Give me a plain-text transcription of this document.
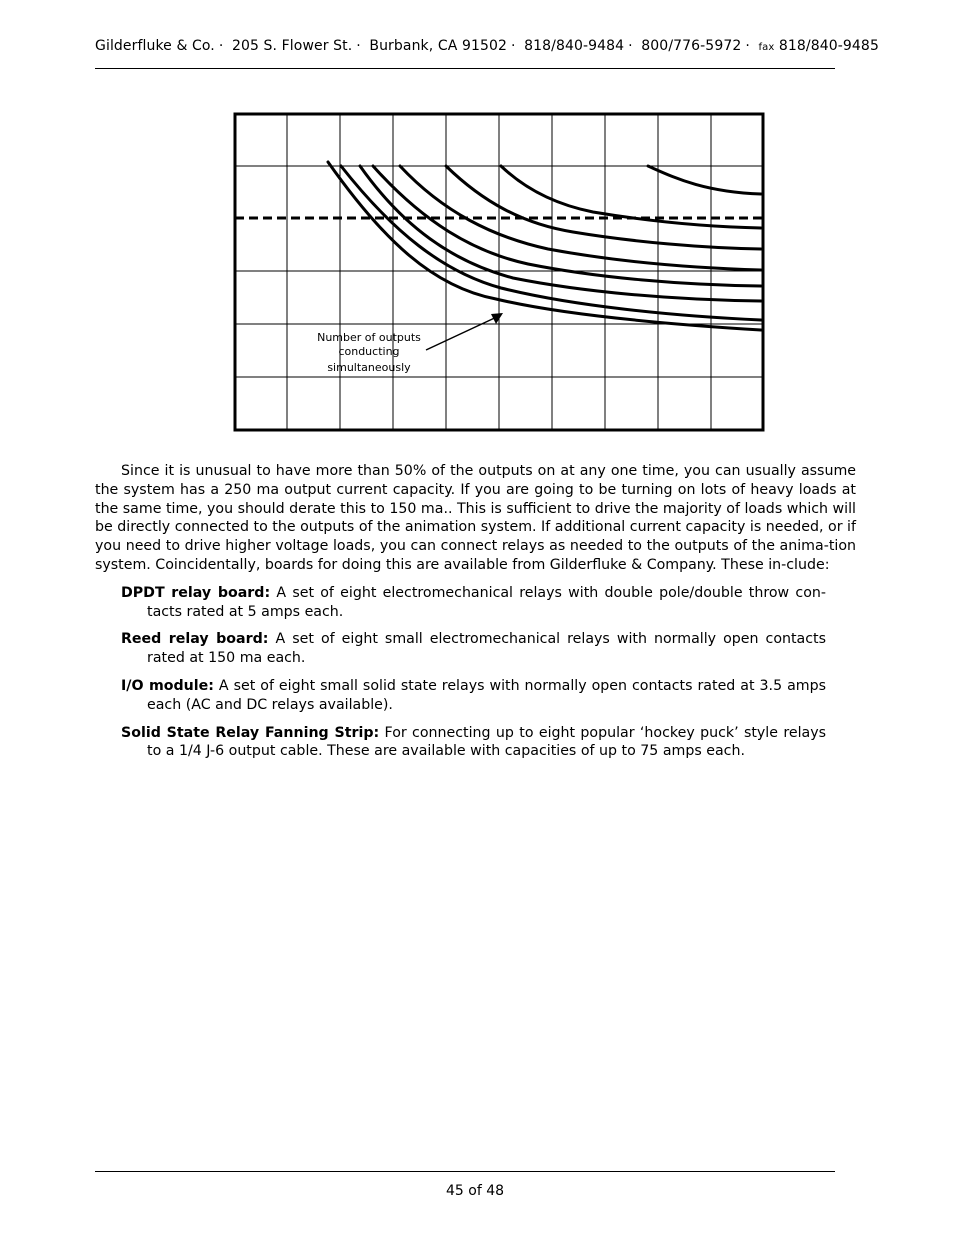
Gilderfluke & Co. · 205 S. Flower St. · Burbank, CA 91502 · 818/840-9484 · 800/776-5972 · fax 818/840-9485
Number of outputs
conducting
simultaneously

Since it is unusual to have more than 50% of the outputs on at any one time, you can usually assume the system has a 250 ma output current capacity. If you are going to be turning on lots of heavy loads at the same time, you should derate this to 150 ma.. This is sufficient to drive the majority of loads which will be directly connected to the outputs of the animation system. If additional current capacity is needed, or if you need to drive higher voltage loads, you can connect relays as needed to the outputs of the anima-tion system. Coincidentally, boards for doing this are available from Gilderfluke & Company. These in-clude:

DPDT relay board: A set of eight electromechanical relays with double pole/double throw con-tacts rated at 5 amps each.
Reed relay board: A set of eight small electromechanical relays with normally open contacts rated at 150 ma each.
I/O module: A set of eight small solid state relays with normally open contacts rated at 3.5 amps each (AC and DC relays available).
Solid State Relay Fanning Strip: For connecting up to eight popular ‘hockey puck’ style relays to a 1/4 J-6 output cable. These are available with capacities of up to 75 amps each.
45 of 48
